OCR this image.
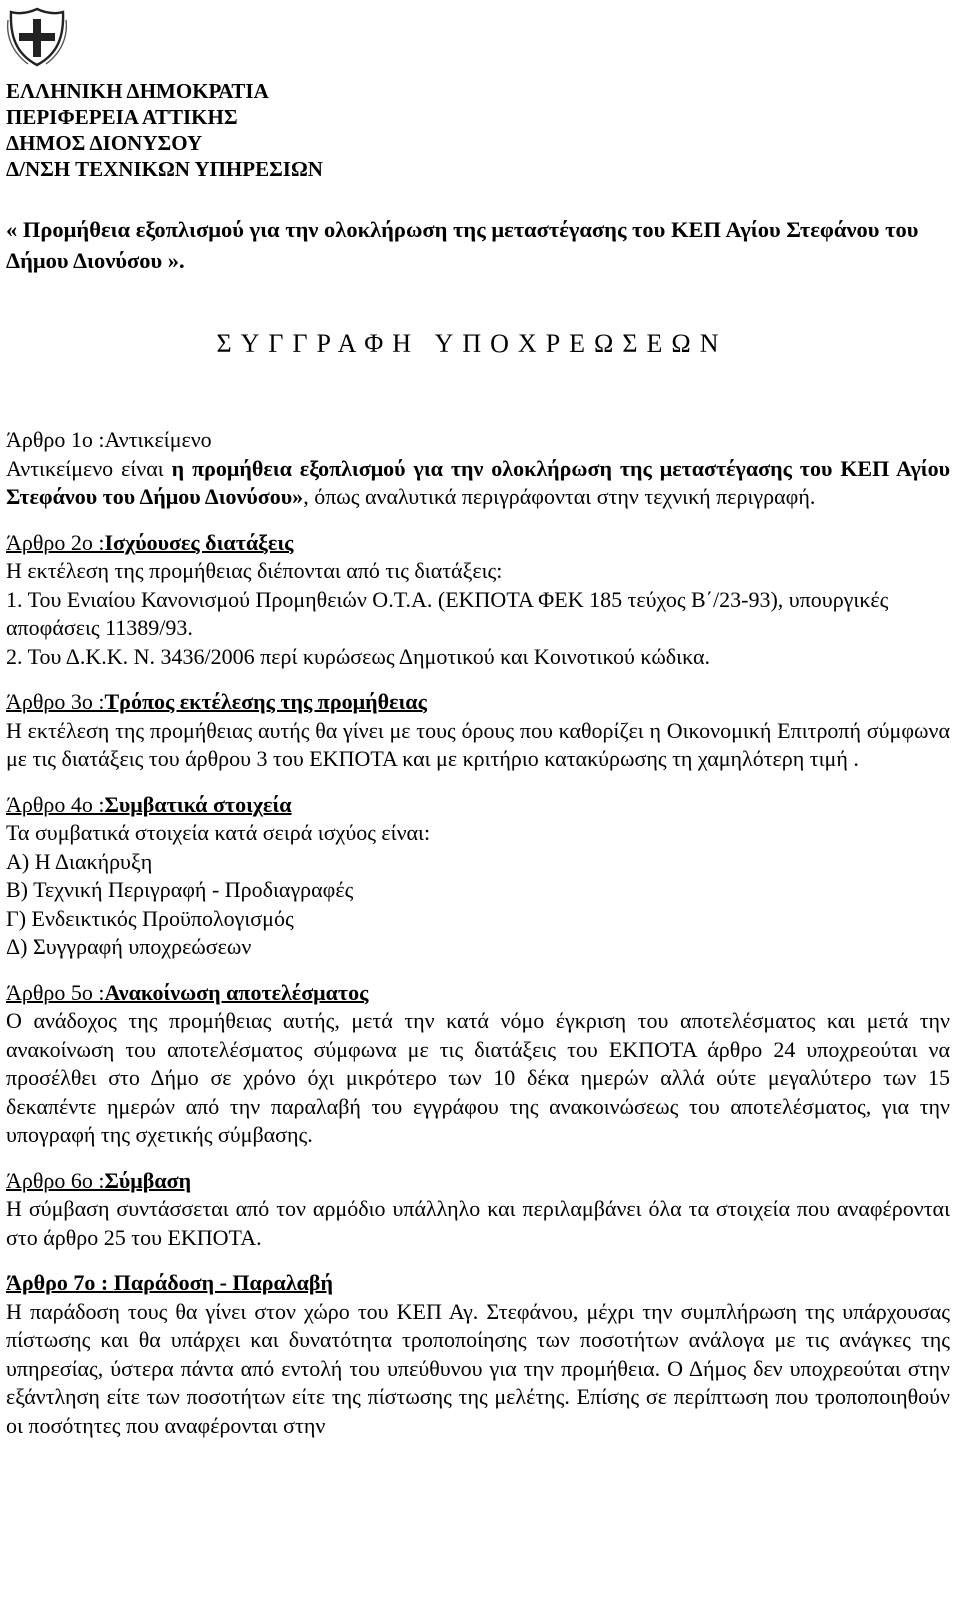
ΕΛΛΗΝΙΚΗ ΔΗΜΟΚΡΑΤΙΑ
ΠΕΡΙΦΕΡΕΙΑ ΑΤΤΙΚΗΣ
ΔΗΜΟΣ ΔΙΟΝΥΣΟΥ
Δ/ΝΣΗ ΤΕΧΝΙΚΩΝ ΥΠΗΡΕΣΙΩΝ
« Προμήθεια εξοπλισμού για την ολοκλήρωση της μεταστέγασης του ΚΕΠ Αγίου Στεφάνου του Δήμου Διονύσου ».
ΣΥΓΓΡΑΦΗ ΥΠΟΧΡΕΩΣΕΩΝ
Άρθρο 1ο :Αντικείμενο

Αντικείμενο είναι η προμήθεια εξοπλισμού για την ολοκλήρωση της μεταστέγασης του ΚΕΠ Αγίου Στεφάνου του Δήμου Διονύσου», όπως αναλυτικά περιγράφονται στην τεχνική περιγραφή.

Άρθρο 2ο :Ισχύουσες διατάξεις

Η εκτέλεση της προμήθειας διέπονται από τις διατάξεις:

1. Του Ενιαίου Κανονισμού Προμηθειών Ο.Τ.Α. (ΕΚΠΟΤΑ ΦΕΚ 185 τεύχος Β΄/23-93), υπουργικές αποφάσεις 11389/93.

2. Του Δ.Κ.Κ. Ν. 3436/2006 περί κυρώσεως Δημοτικού και Κοινοτικού κώδικα.

Άρθρο 3ο :Τρόπος εκτέλεσης της προμήθειας

Η εκτέλεση της προμήθειας αυτής θα γίνει με τους όρους που καθορίζει η Οικονομική Επιτροπή σύμφωνα με τις διατάξεις του άρθρου 3 του ΕΚΠΟΤΑ και με κριτήριο κατακύρωσης τη χαμηλότερη τιμή .

Άρθρο 4ο :Συμβατικά στοιχεία

Τα συμβατικά στοιχεία κατά σειρά ισχύος είναι:

Α) Η Διακήρυξη

Β) Τεχνική Περιγραφή - Προδιαγραφές

Γ) Ενδεικτικός Προϋπολογισμός

Δ) Συγγραφή υποχρεώσεων

Άρθρο 5ο :Ανακοίνωση αποτελέσματος

Ο ανάδοχος της προμήθειας αυτής, μετά την κατά νόμο έγκριση του αποτελέσματος και μετά την ανακοίνωση του αποτελέσματος σύμφωνα με τις διατάξεις του ΕΚΠΟΤΑ άρθρο 24 υποχρεούται να προσέλθει στο Δήμο σε χρόνο όχι μικρότερο των 10 δέκα ημερών αλλά ούτε μεγαλύτερο των 15 δεκαπέντε ημερών από την παραλαβή του εγγράφου της ανακοινώσεως του αποτελέσματος, για την υπογραφή της σχετικής σύμβασης.

Άρθρο 6ο :Σύμβαση

Η σύμβαση συντάσσεται από τον αρμόδιο υπάλληλο και περιλαμβάνει όλα τα στοιχεία που αναφέρονται στο άρθρο 25 του ΕΚΠΟΤΑ.

Άρθρο 7ο : Παράδοση - Παραλαβή

Η παράδοση τους θα γίνει στον χώρο του ΚΕΠ Αγ. Στεφάνου, μέχρι την συμπλήρωση της υπάρχουσας πίστωσης και θα υπάρχει και δυνατότητα τροποποίησης των ποσοτήτων ανάλογα με τις ανάγκες της υπηρεσίας, ύστερα πάντα από εντολή του υπεύθυνου για την προμήθεια. Ο Δήμος δεν υποχρεούται στην εξάντληση είτε των ποσοτήτων είτε της πίστωσης της μελέτης. Επίσης σε περίπτωση που τροποποιηθούν οι ποσότητες που αναφέρονται στην
